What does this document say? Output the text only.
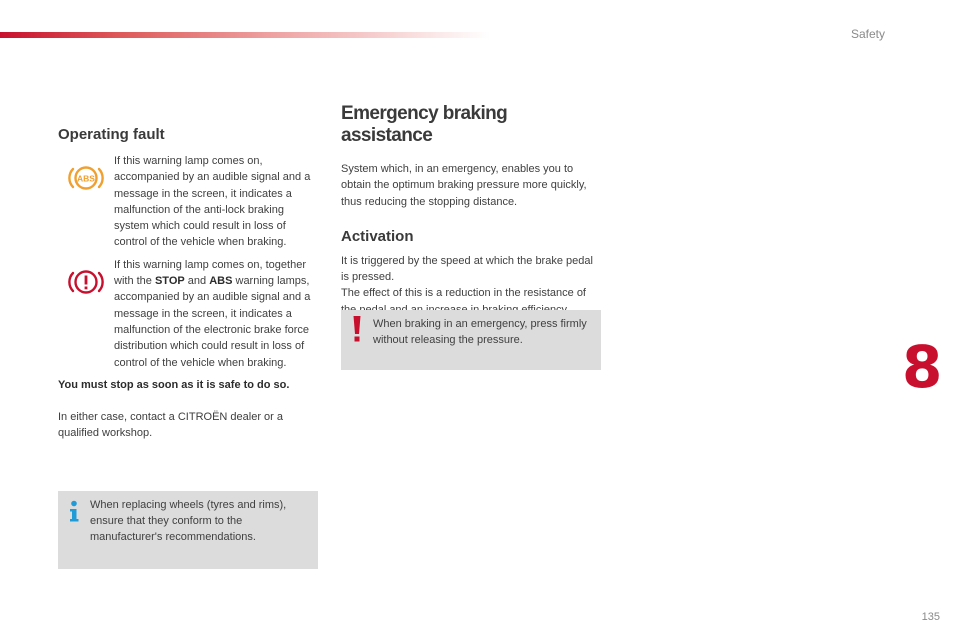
Safety
Operating fault
ABS
If this warning lamp comes on, accompanied by an audible signal and a message in the screen, it indicates a malfunction of the anti-lock braking system which could result in loss of control of the vehicle when braking.
If this warning lamp comes on, together with the STOP and ABS warning lamps, accompanied by an audible signal and a message in the screen, it indicates a malfunction of the electronic brake force distribution which could result in loss of control of the vehicle when braking.

You must stop as soon as it is safe to do so.

In either case, contact a CITROËN dealer or a qualified workshop.

When replacing wheels (tyres and rims), ensure that they conform to the manufacturer's recommendations.
Emergency braking assistance

System which, in an emergency, enables you to obtain the optimum braking pressure more quickly, thus reducing the stopping distance.

Activation

It is triggered by the speed at which the brake pedal is pressed.

The effect of this is a reduction in the resistance of

When braking in an emergency, press firmly without releasing the pressure.	8
135
